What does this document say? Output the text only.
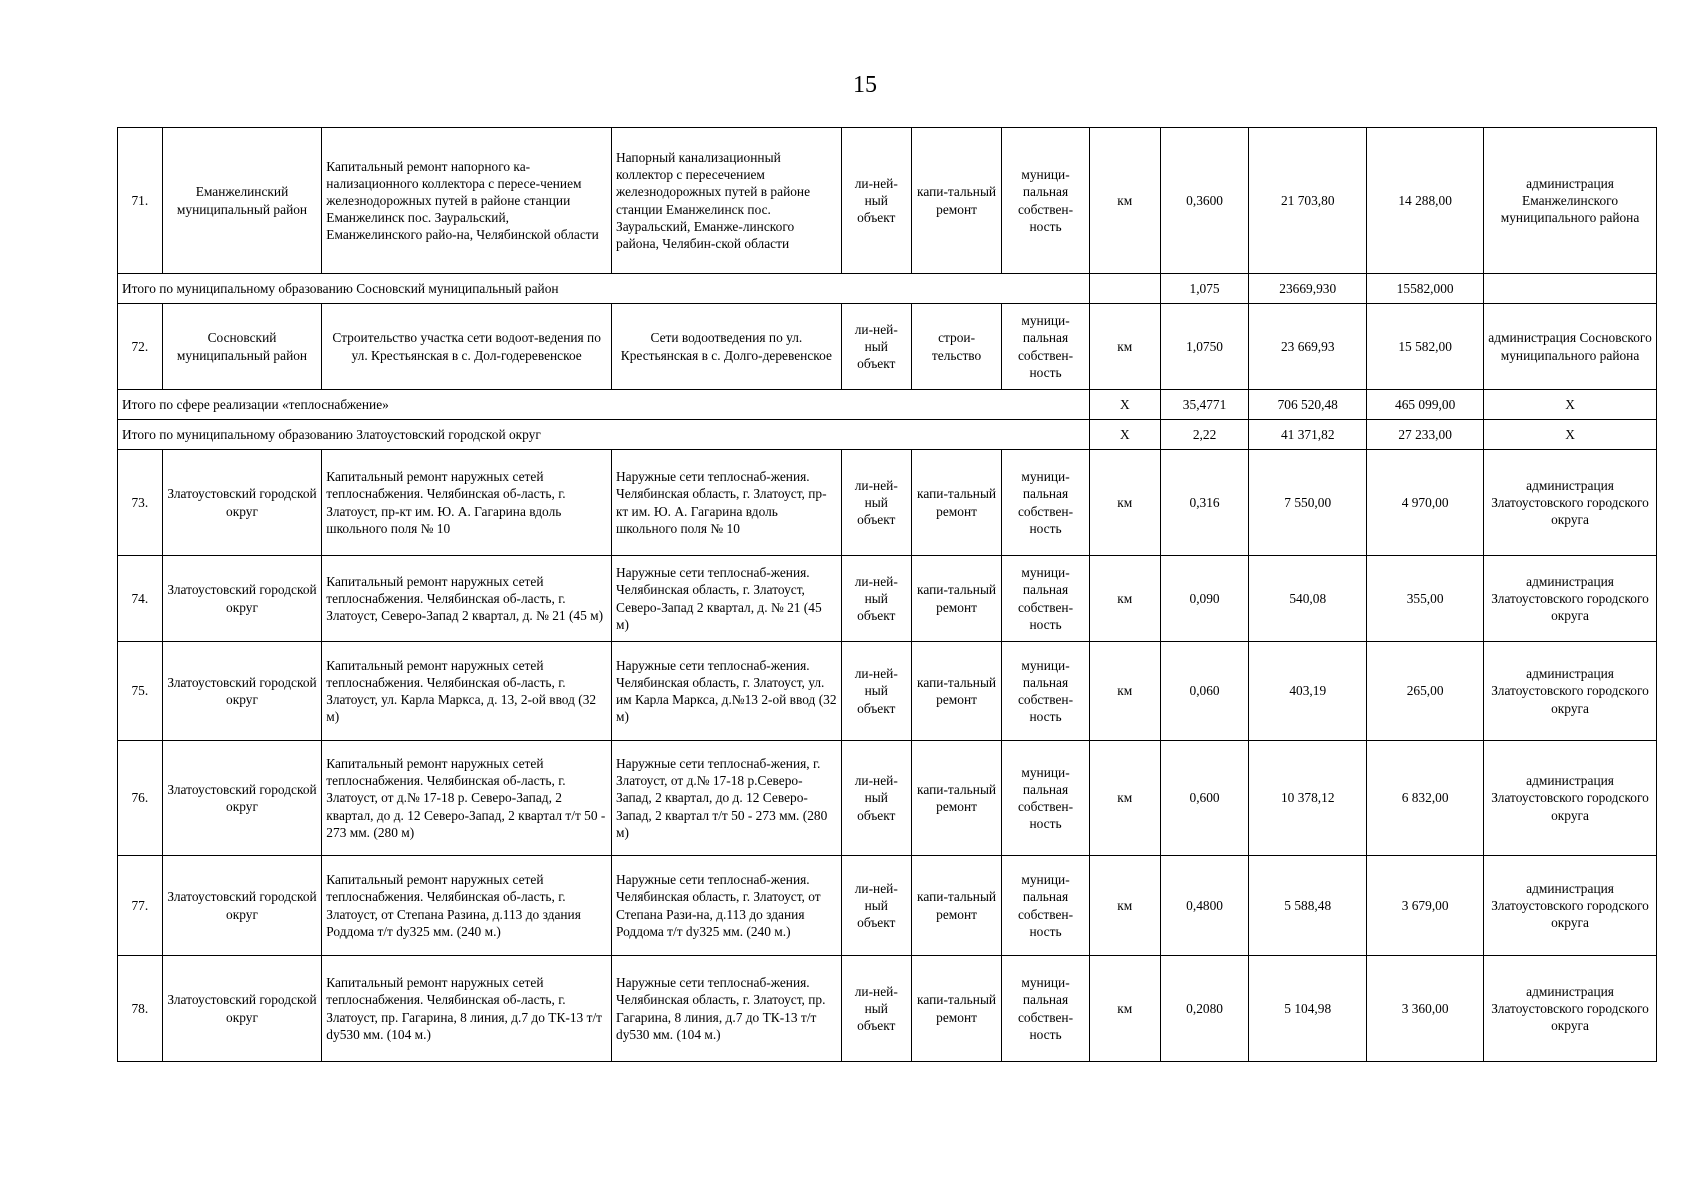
15
71.	Еманжелинский муниципальный район	Капитальный ремонт напорного ка-нализационного коллектора с пересе-чением железнодорожных путей в районе станции Еманжелинск пос. Зауральский, Еманжелинского райо-на, Челябинской области	Напорный канализационный коллектор с пересечением железнодорожных путей в районе станции Еманжелинск пос. Зауральский, Еманже-линского района, Челябин-ской области	ли-ней-ный объект	капи-тальный ремонт	муници-пальная собствен-ность	км	0,3600	21 703,80	14 288,00	администрация Еманжелинского муниципального района
Итого по муниципальному образованию Сосновский муниципальный район								1,075	23669,930	15582,000	
72.	Сосновский муниципальный район	Строительство участка сети водоот-ведения по ул. Крестьянская в с. Дол-годеревенское	Сети водоотведения по ул. Крестьянская в с. Долго-деревенское	ли-ней-ный объект	строи-тельство	муници-пальная собствен-ность	км	1,0750	23 669,93	15 582,00	администрация Сосновского муниципального района
Итого по сфере реализации «теплоснабжение»							X	35,4771	706 520,48	465 099,00	X
Итого по муниципальному образованию Златоустовский городской округ							X	2,22	41 371,82	27 233,00	X
73.	Златоустовский городской округ	Капитальный ремонт наружных сетей теплоснабжения. Челябинская об-ласть, г. Златоуст, пр-кт им. Ю. А. Гагарина вдоль школьного поля № 10	Наружные сети теплоснаб-жения. Челябинская область, г. Златоуст, пр-кт им. Ю. А. Гагарина вдоль школьного поля № 10	ли-ней-ный объект	капи-тальный ремонт	муници-пальная собствен-ность	км	0,316	7 550,00	4 970,00	администрация Златоустовского городского округа
74.	Златоустовский городской округ	Капитальный ремонт наружных сетей теплоснабжения. Челябинская об-ласть, г. Златоуст, Северо-Запад 2 квартал, д. № 21 (45 м)	Наружные сети теплоснаб-жения. Челябинская область, г. Златоуст, Северо-Запад 2 квартал, д. № 21 (45 м)	ли-ней-ный объект	капи-тальный ремонт	муници-пальная собствен-ность	км	0,090	540,08	355,00	администрация Златоустовского городского округа
75.	Златоустовский городской округ	Капитальный ремонт наружных сетей теплоснабжения. Челябинская об-ласть, г. Златоуст, ул. Карла Маркса, д. 13, 2-ой ввод (32 м)	Наружные сети теплоснаб-жения. Челябинская область, г. Златоуст, ул. им Карла Маркса, д.№13 2-ой ввод (32 м)	ли-ней-ный объект	капи-тальный ремонт	муници-пальная собствен-ность	км	0,060	403,19	265,00	администрация Златоустовского городского округа
76.	Златоустовский городской округ	Капитальный ремонт наружных сетей теплоснабжения. Челябинская об-ласть, г. Златоуст, от д.№ 17-18 р. Северо-Запад, 2 квартал, до д. 12 Северо-Запад, 2 квартал т/т 50 - 273 мм. (280 м)	Наружные сети теплоснаб-жения, г. Златоуст, от д.№ 17-18 р.Северо-Запад, 2 квартал, до д. 12 Северо-Запад, 2 квартал т/т 50 - 273 мм. (280 м)	ли-ней-ный объект	капи-тальный ремонт	муници-пальная собствен-ность	км	0,600	10 378,12	6 832,00	администрация Златоустовского городского округа
77.	Златоустовский городской округ	Капитальный ремонт наружных сетей теплоснабжения. Челябинская об-ласть, г. Златоуст, от Степана Разина, д.113 до здания Роддома т/т dy325 мм. (240 м.)	Наружные сети теплоснаб-жения. Челябинская область, г. Златоуст, от Степана Рази-на, д.113 до здания Роддома т/т dy325 мм. (240 м.)	ли-ней-ный объект	капи-тальный ремонт	муници-пальная собствен-ность	км	0,4800	5 588,48	3 679,00	администрация Златоустовского городского округа
78.	Златоустовский городской округ	Капитальный ремонт наружных сетей теплоснабжения. Челябинская об-ласть, г. Златоуст, пр. Гагарина, 8 линия, д.7 до ТК-13 т/т dy530 мм. (104 м.)	Наружные сети теплоснаб-жения. Челябинская область, г. Златоуст, пр. Гагарина, 8 линия, д.7 до ТК-13 т/т dy530 мм. (104 м.)	ли-ней-ный объект	капи-тальный ремонт	муници-пальная собствен-ность	км	0,2080	5 104,98	3 360,00	администрация Златоустовского городского округа
